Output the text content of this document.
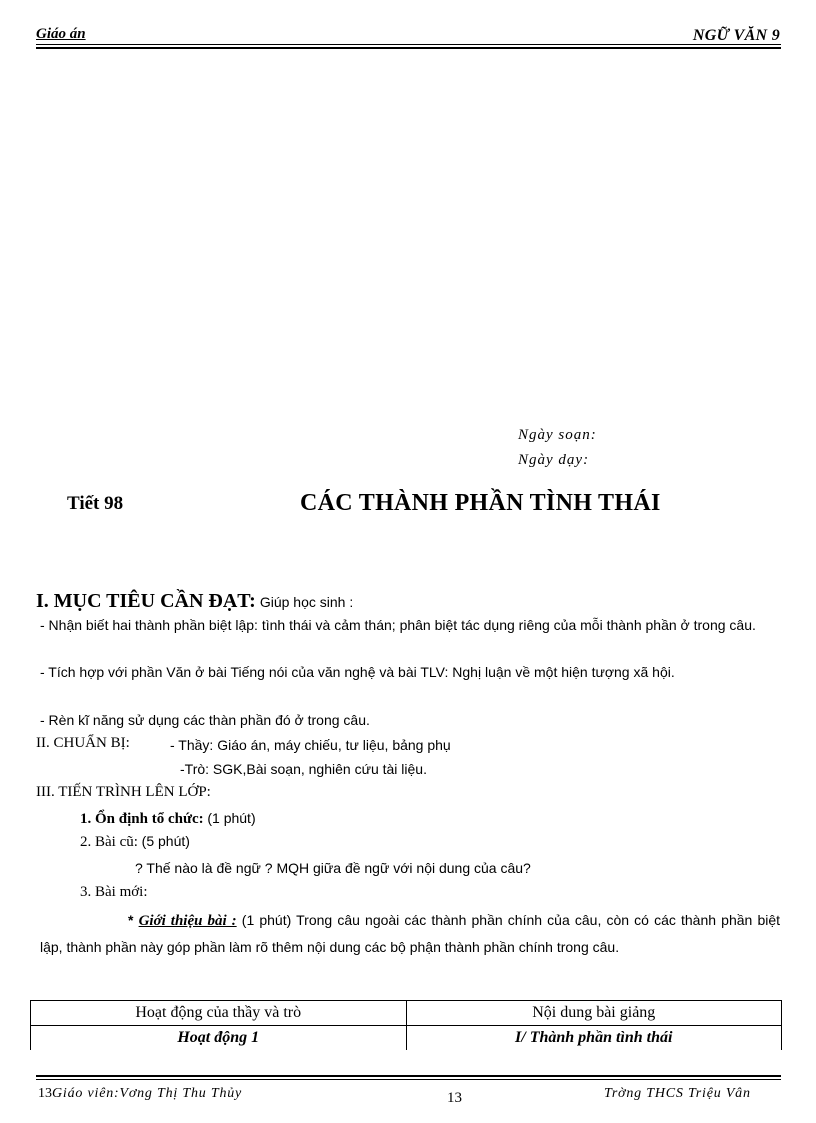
Giáo án	NGỮ VĂN 9
Ngày soạn:
Ngày dạy:
Tiết 98	CÁC THÀNH PHẦN TÌNH THÁI
I. MỤC TIÊU CẦN ĐẠT: Giúp học sinh :
- Nhận biết hai thành phần biệt lập: tình thái và cảm thán; phân biệt tác dụng riêng của mỗi thành phần ở trong câu.
- Tích hợp với phần Văn ở bài Tiếng nói của văn nghệ và bài TLV: Nghị luận về một hiện tượng xã hội.
- Rèn kĩ năng sử dụng các thàn phần đó ở trong câu.
II. CHUẨN BỊ:	- Thầy: Giáo án, máy chiếu, tư liệu, bảng phụ
-Trò: SGK,Bài soạn, nghiên cứu tài liệu.
III. TIẾN TRÌNH LÊN LỚP:
1. Ổn định tổ chức: (1 phút)
2. Bài cũ: (5 phút)
? Thế nào là đề ngữ ? MQH giữa đề ngữ với nội dung của câu?
3. Bài mới:
* Giới thiệu bài : (1 phút) Trong câu ngoài các thành phần chính của câu, còn có các thành phần biệt lập, thành phần này góp phần làm rõ thêm nội dung các bộ phận thành phần chính trong câu.
Hoạt động của thầy và trò	Nội dung bài giảng
Hoạt động 1	I/ Thành phần tình thái
13Giáo viên:Vơng Thị Thu Thủy	13	Trờng THCS Triệu Vân
